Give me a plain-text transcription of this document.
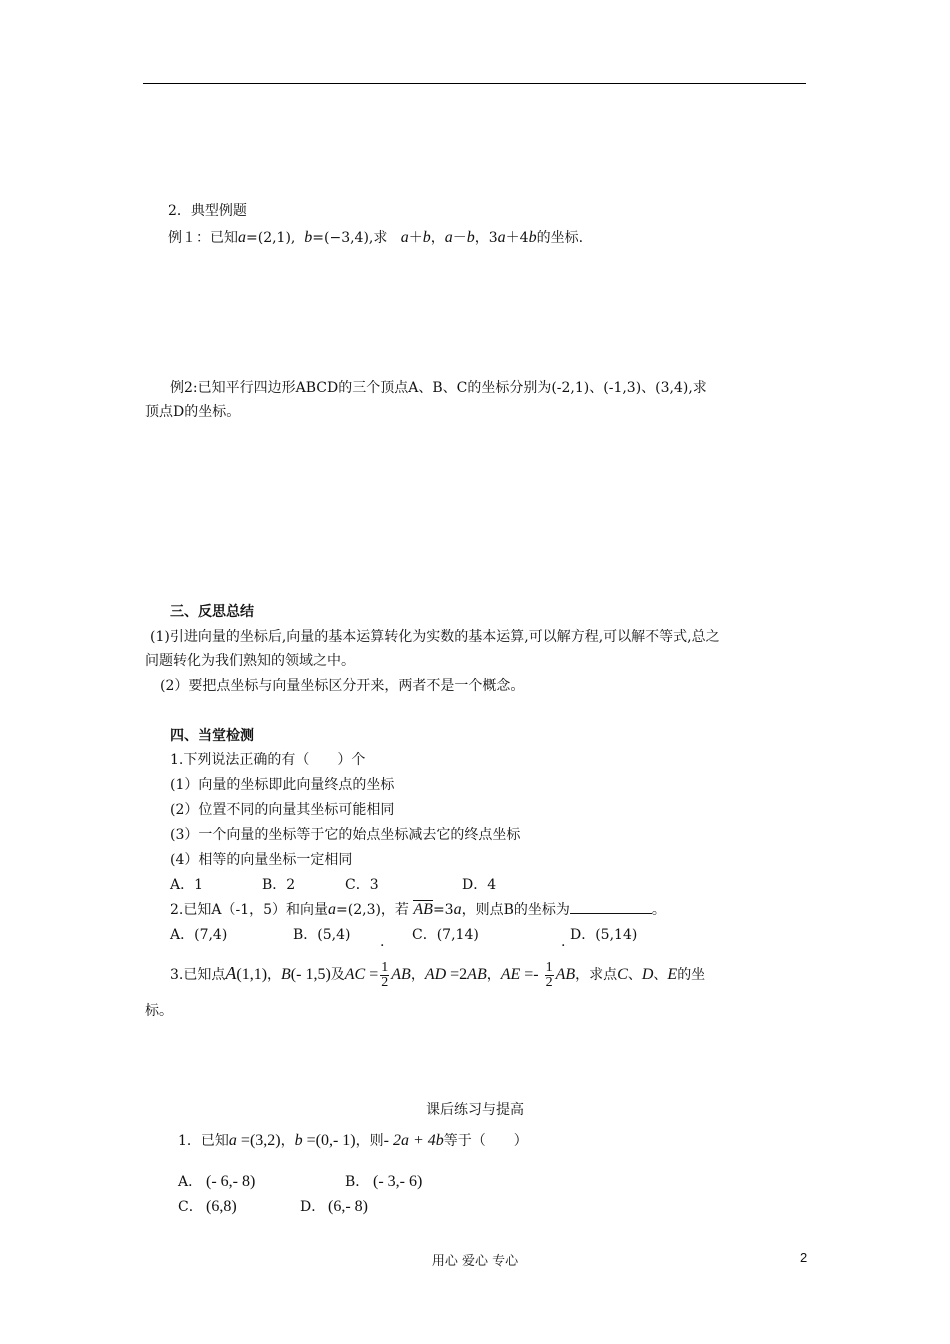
2．典型例题
例１：已知a=(2,1), b=(−3,4),求 a＋b，a－b，3a＋4b的坐标.
例2:已知平行四边形ABCD的三个顶点A、B、C的坐标分别为(-2,1)、(-1,3)、(3,4),求
顶点D的坐标。
三、反思总结
(1)引进向量的坐标后,向量的基本运算转化为实数的基本运算,可以解方程,可以解不等式,总之
问题转化为我们熟知的领域之中。
(2）要把点坐标与向量坐标区分开来，两者不是一个概念。
四、当堂检测
1.下列说法正确的有（　　）个
(1）向量的坐标即此向量终点的坐标
(2）位置不同的向量其坐标可能相同
(3）一个向量的坐标等于它的始点坐标减去它的终点坐标
(4）相等的向量坐标一定相同
A．1	B．2	C．3	D．4
2.已知A（-1，5）和向量a=(2,3)，若 AB=3a，则点B的坐标为	。
A．(7,4)	B．(5,4) . C．(7,14)	. D．(5,14)
3.已知点A(1,1)，B(- 1,5)及AC = $\frac{1}{2}$ AB，AD =2AB，AE =- $\frac{1}{2}$ AB，求点C、D、E的坐
标。
课后练习与提高
1．已知a =(3,2)，b =(0,- 1)，则- 2a + 4b等于（　　）
A． (- 6,- 8)	B． (- 3,- 6)
C． (6,8)	D． (6,- 8)
用心 爱心 专心	2
